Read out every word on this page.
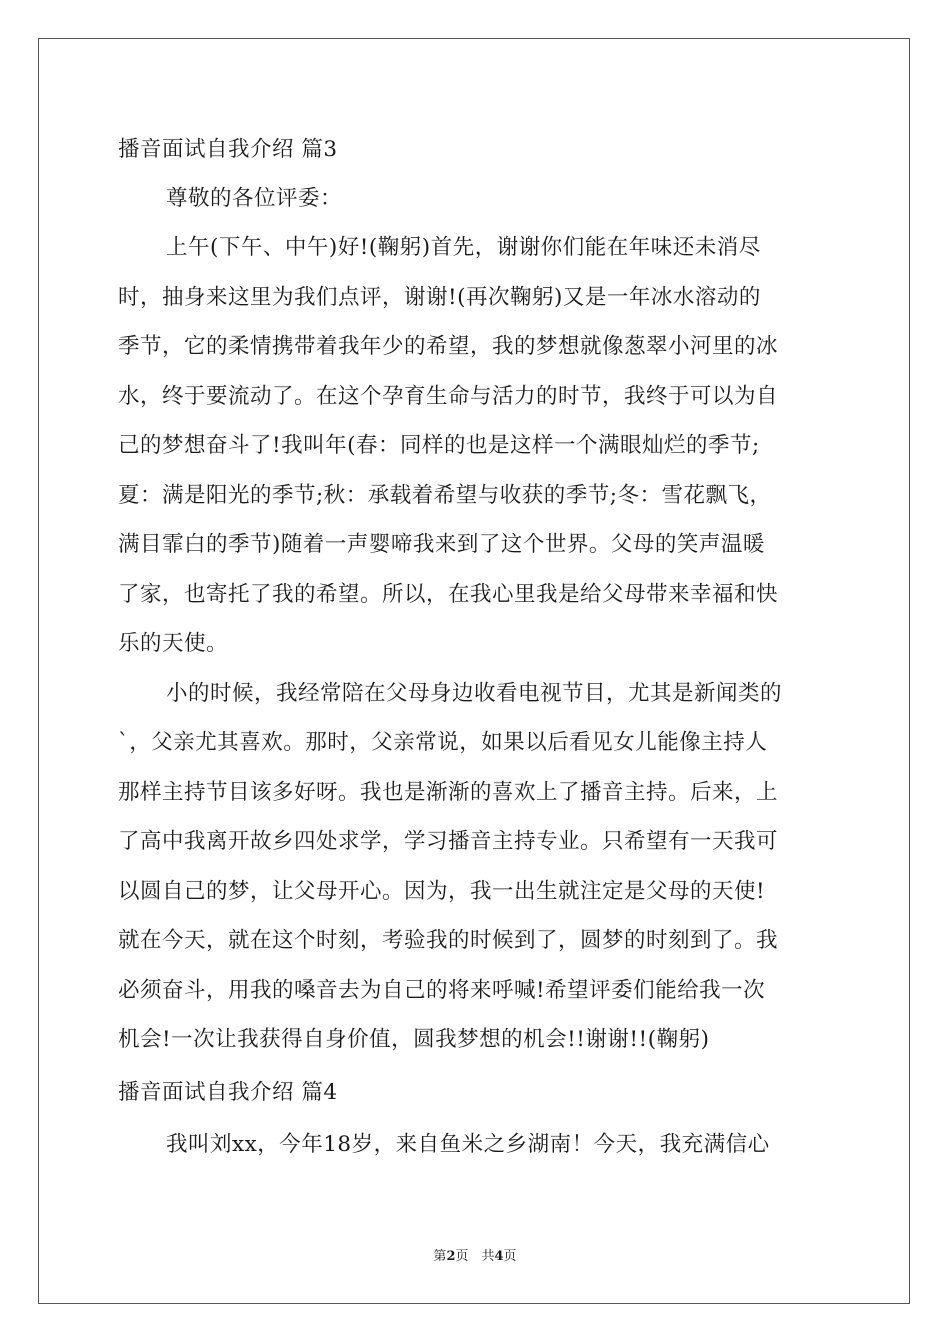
播音面试自我介绍 篇3
尊敬的各位评委：
上午(下午、中午)好!(鞠躬)首先，谢谢你们能在年味还未消尽
时，抽身来这里为我们点评，谢谢!(再次鞠躬)又是一年冰水溶动的
季节，它的柔情携带着我年少的希望，我的梦想就像葱翠小河里的冰
水，终于要流动了。在这个孕育生命与活力的时节，我终于可以为自
己的梦想奋斗了!我叫年(春：同样的也是这样一个满眼灿烂的季节;
夏：满是阳光的季节;秋：承载着希望与收获的季节;冬：雪花飘飞，
满目霏白的季节)随着一声婴啼我来到了这个世界。父母的笑声温暖
了家，也寄托了我的希望。所以，在我心里我是给父母带来幸福和快
乐的天使。
小的时候，我经常陪在父母身边收看电视节目，尤其是新闻类的
`，父亲尤其喜欢。那时，父亲常说，如果以后看见女儿能像主持人
那样主持节目该多好呀。我也是渐渐的喜欢上了播音主持。后来，上
了高中我离开故乡四处求学，学习播音主持专业。只希望有一天我可
以圆自己的梦，让父母开心。因为，我一出生就注定是父母的天使!
就在今天，就在这个时刻，考验我的时候到了，圆梦的时刻到了。我
必须奋斗，用我的嗓音去为自己的将来呼喊!希望评委们能给我一次
机会!一次让我获得自身价值，圆我梦想的机会!!谢谢!!(鞠躬)
播音面试自我介绍 篇4
我叫刘xx，今年18岁，来自鱼米之乡湖南！今天，我充满信心
第2页　共4页
